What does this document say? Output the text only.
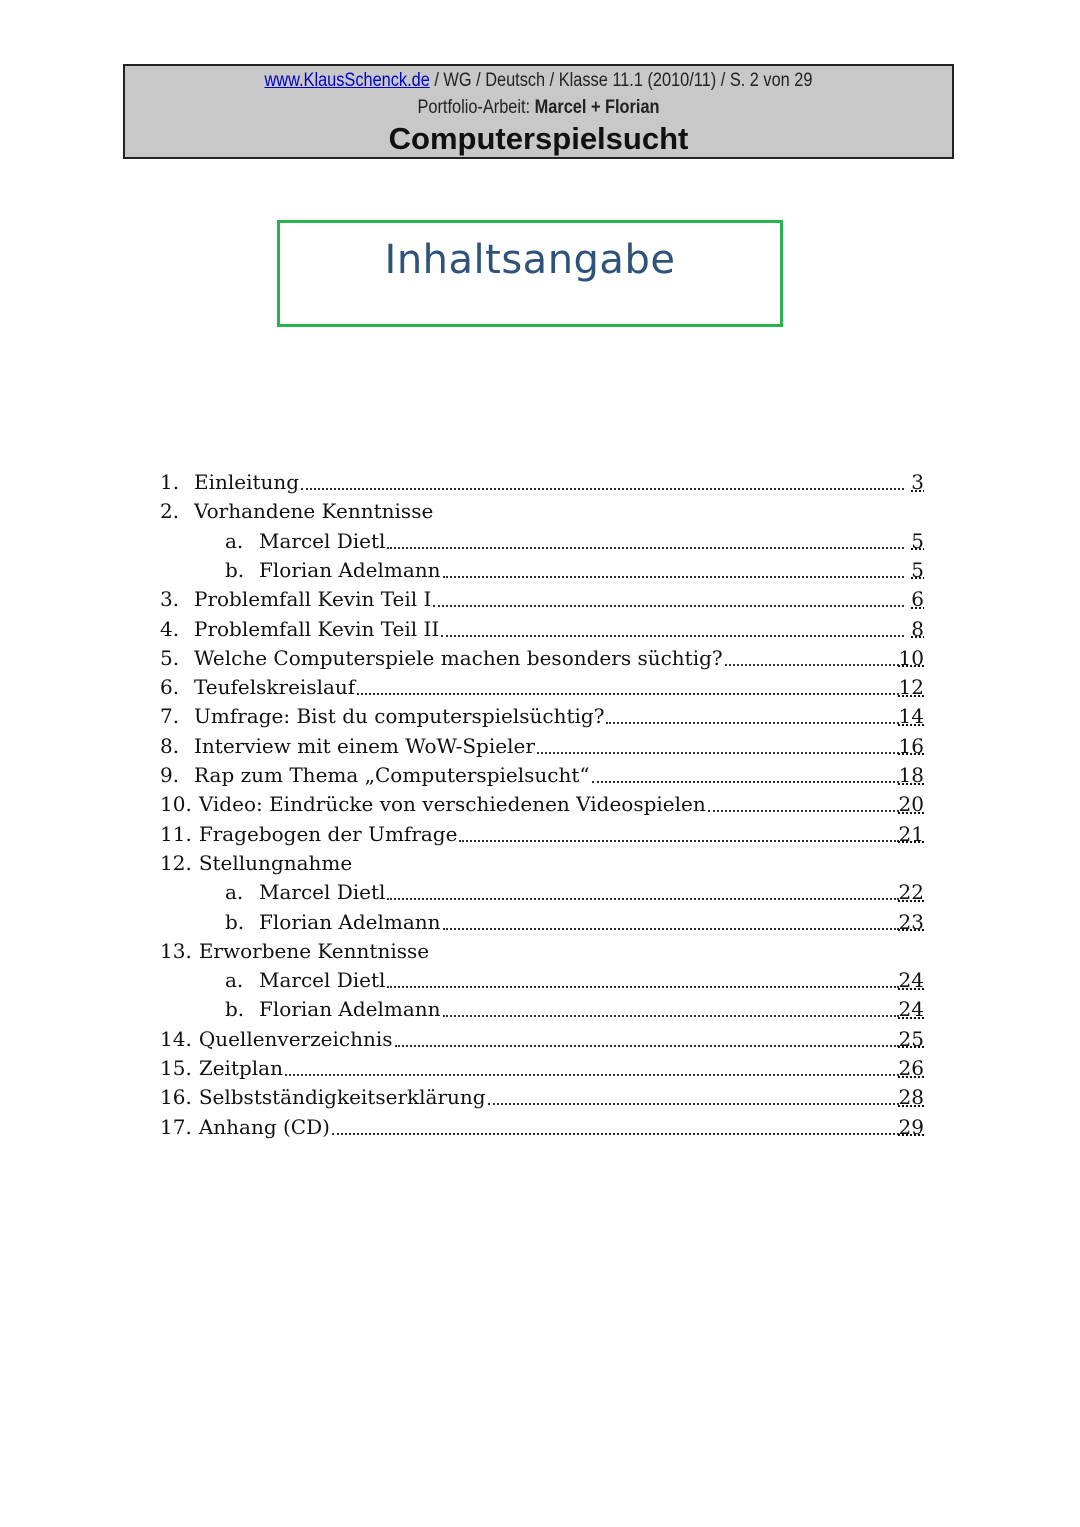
www.KlausSchenck.de / WG / Deutsch / Klasse 11.1 (2010/11) / S. 2 von 29
Portfolio-Arbeit: Marcel + Florian
Computerspielsucht
Inhaltsangabe
1. Einleitung	3
2. Vorhandene Kenntnisse
a. Marcel Dietl	5
b. Florian Adelmann	5
3. Problemfall Kevin Teil I	6
4. Problemfall Kevin Teil II	8
5. Welche Computerspiele machen besonders süchtig?	10
6. Teufelskreislauf	12
7. Umfrage: Bist du computerspielsüchtig?	14
8. Interview mit einem WoW-Spieler	16
9. Rap zum Thema „Computerspielsucht“	18
10. Video: Eindrücke von verschiedenen Videospielen	20
11. Fragebogen der Umfrage	21
12. Stellungnahme
a. Marcel Dietl	22
b. Florian Adelmann	23
13. Erworbene Kenntnisse
a. Marcel Dietl	24
b. Florian Adelmann	24
14. Quellenverzeichnis	25
15. Zeitplan	26
16. Selbstständigkeitserklärung	28
17. Anhang (CD)	29
